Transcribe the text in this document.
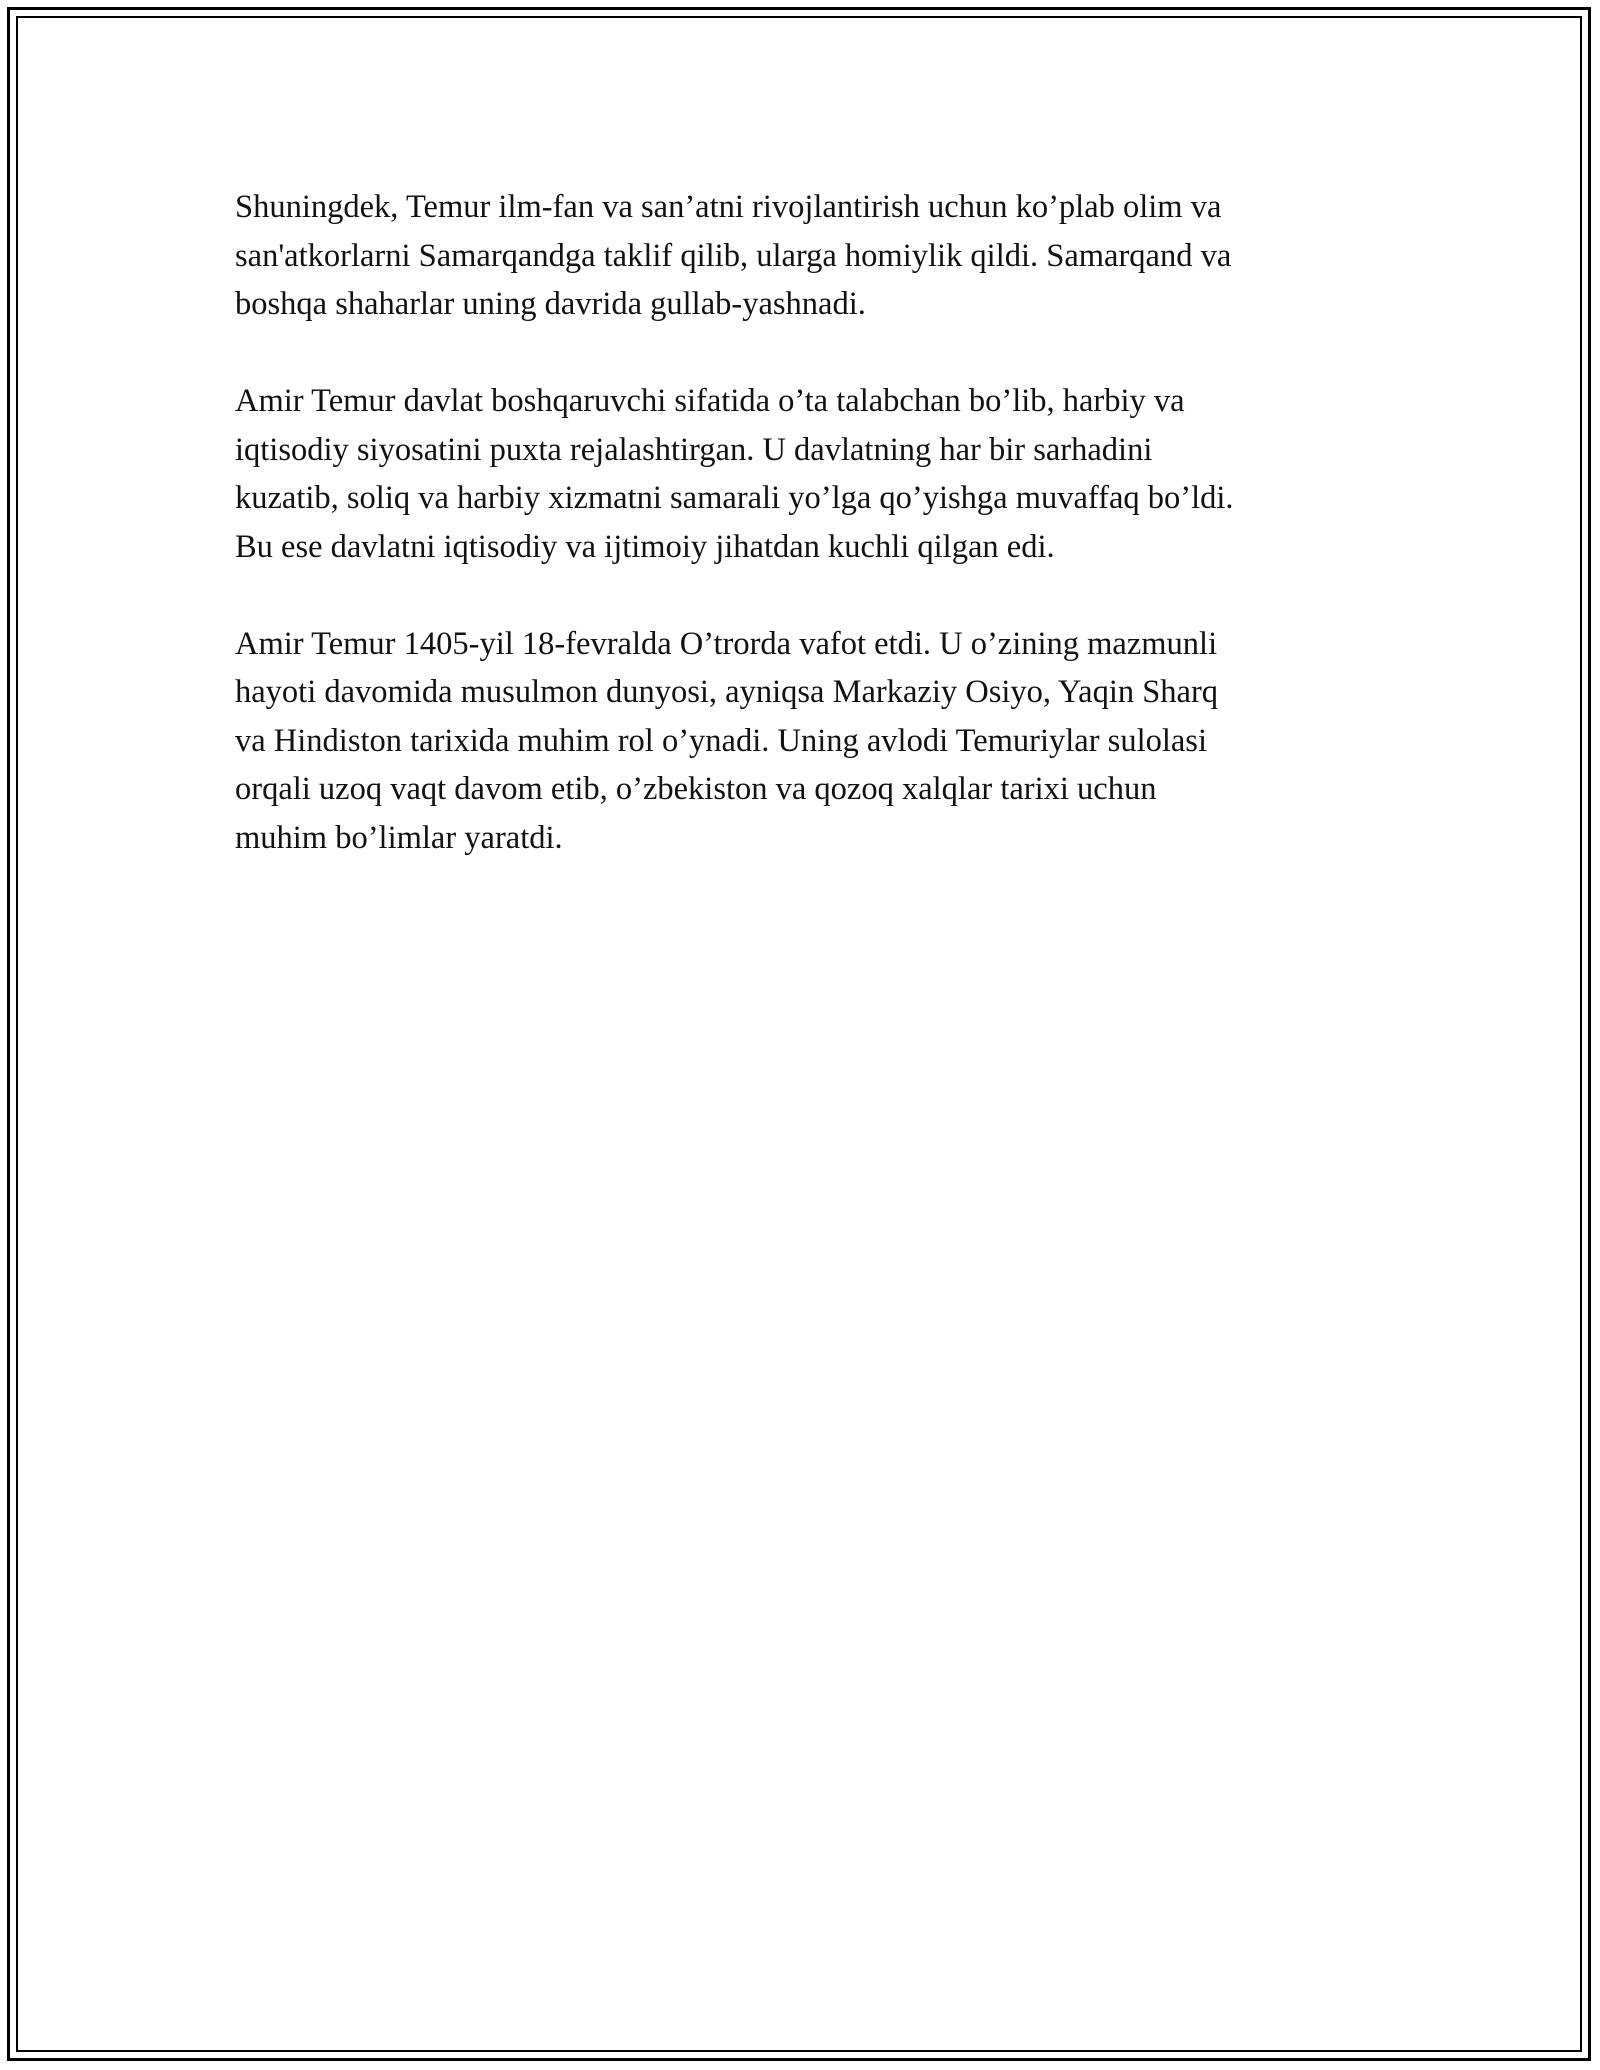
Shuningdek, Temur ilm-fan va san’atni rivojlantirish uchun ko’plab olim va
san'atkorlarni Samarqandga taklif qilib, ularga homiylik qildi. Samarqand va
boshqa shaharlar uning davrida gullab-yashnadi.

Amir Temur davlat boshqaruvchi sifatida o’ta talabchan bo’lib, harbiy va
iqtisodiy siyosatini puxta rejalashtirgan. U davlatning har bir sarhadini
kuzatib, soliq va harbiy xizmatni samarali yo’lga qo’yishga muvaffaq bo’ldi.
Bu ese davlatni iqtisodiy va ijtimoiy jihatdan kuchli qilgan edi.

Amir Temur 1405-yil 18-fevralda O’trorda vafot etdi. U o’zining mazmunli
hayoti davomida musulmon dunyosi, ayniqsa Markaziy Osiyo, Yaqin Sharq
va Hindiston tarixida muhim rol o’ynadi. Uning avlodi Temuriylar sulolasi
orqali uzoq vaqt davom etib, o’zbekiston va qozoq xalqlar tarixi uchun
muhim bo’limlar yaratdi.
